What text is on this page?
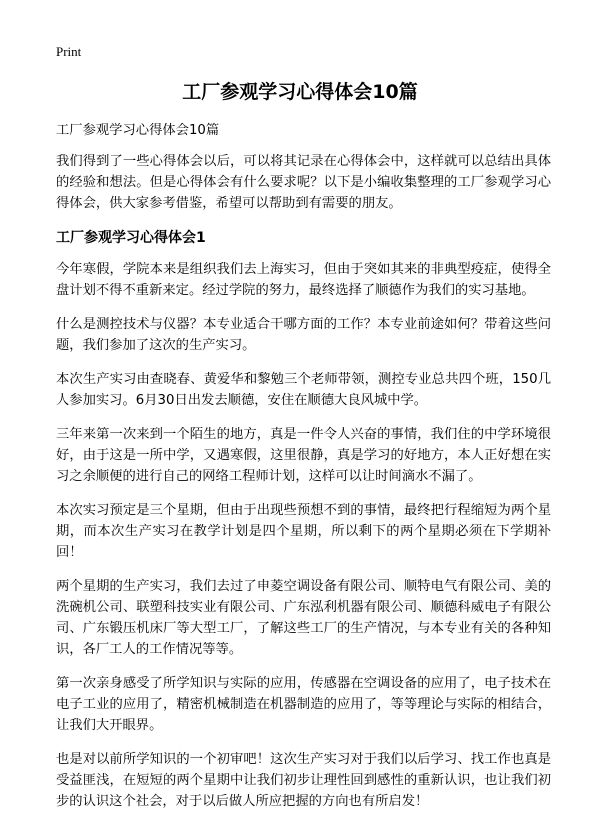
Print
工厂参观学习心得体会10篇

工厂参观学习心得体会10篇

我们得到了一些心得体会以后，可以将其记录在心得体会中，这样就可以总结出具体的经验和想法。但是心得体会有什么要求呢？以下是小编收集整理的工厂参观学习心得体会，供大家参考借鉴，希望可以帮助到有需要的朋友。

工厂参观学习心得体会1

今年寒假，学院本来是组织我们去上海实习，但由于突如其来的非典型疫症，使得全盘计划不得不重新来定。经过学院的努力，最终选择了顺德作为我们的实习基地。

什么是测控技术与仪器？本专业适合干哪方面的工作？本专业前途如何？带着这些问题，我们参加了这次的生产实习。

本次生产实习由查晓春、黄爱华和黎勉三个老师带领，测控专业总共四个班，150几人参加实习。6月30日出发去顺德，安住在顺德大良风城中学。

三年来第一次来到一个陌生的地方，真是一件令人兴奋的事情，我们住的中学环境很好，由于这是一所中学，又遇寒假，这里很静，真是学习的好地方，本人正好想在实习之余顺便的进行自己的网络工程师计划，这样可以让时间滴水不漏了。

本次实习预定是三个星期，但由于出现些预想不到的事情，最终把行程缩短为两个星期，而本次生产实习在教学计划是四个星期，所以剩下的两个星期必须在下学期补回！

两个星期的生产实习，我们去过了申菱空调设备有限公司、顺特电气有限公司、美的洗碗机公司、联塑科技实业有限公司、广东泓利机器有限公司、顺德科威电子有限公司、广东锻压机床厂等大型工厂，了解这些工厂的生产情况，与本专业有关的各种知识，各厂工人的工作情况等等。

第一次亲身感受了所学知识与实际的应用，传感器在空调设备的应用了，电子技术在电子工业的应用了，精密机械制造在机器制造的应用了，等等理论与实际的相结合，让我们大开眼界。

也是对以前所学知识的一个初审吧！这次生产实习对于我们以后学习、找工作也真是受益匪浅，在短短的两个星期中让我们初步让理性回到感性的重新认识，也让我们初步的认识这个社会，对于以后做人所应把握的方向也有所启发！
